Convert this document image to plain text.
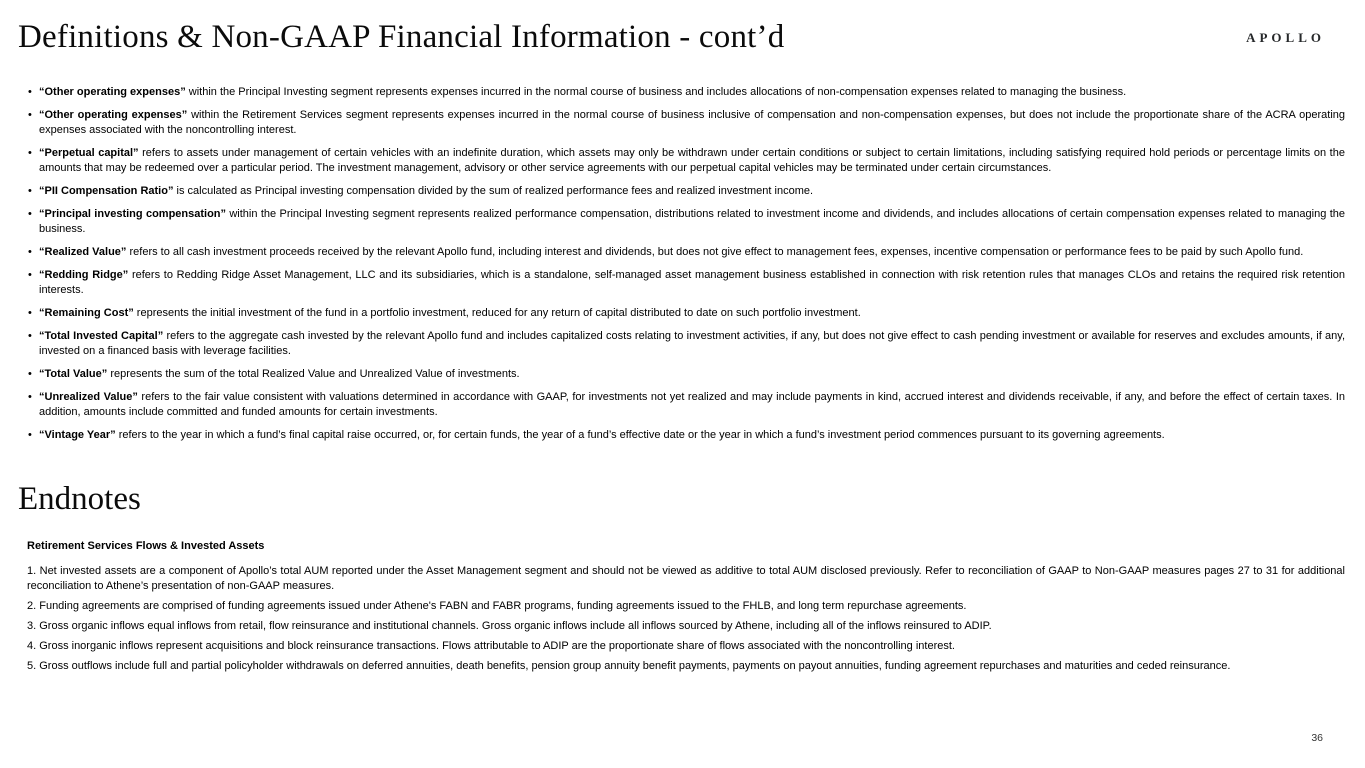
Definitions & Non-GAAP Financial Information - cont’d	APOLLO
• “Other operating expenses” within the Principal Investing segment represents expenses incurred in the normal course of business and includes allocations of non-compensation expenses related to managing the business.
• “Other operating expenses” within the Retirement Services segment represents expenses incurred in the normal course of business inclusive of compensation and non-compensation expenses, but does not include the proportionate share of the ACRA operating expenses associated with the noncontrolling interest.
• “Perpetual capital” refers to assets under management of certain vehicles with an indefinite duration, which assets may only be withdrawn under certain conditions or subject to certain limitations, including satisfying required hold periods or percentage limits on the amounts that may be redeemed over a particular period. The investment management, advisory or other service agreements with our perpetual capital vehicles may be terminated under certain circumstances.
• “PII Compensation Ratio” is calculated as Principal investing compensation divided by the sum of realized performance fees and realized investment income.
• “Principal investing compensation” within the Principal Investing segment represents realized performance compensation, distributions related to investment income and dividends, and includes allocations of certain compensation expenses related to managing the business.
• “Realized Value” refers to all cash investment proceeds received by the relevant Apollo fund, including interest and dividends, but does not give effect to management fees, expenses, incentive compensation or performance fees to be paid by such Apollo fund.
• “Redding Ridge” refers to Redding Ridge Asset Management, LLC and its subsidiaries, which is a standalone, self-managed asset management business established in connection with risk retention rules that manages CLOs and retains the required risk retention interests.
• “Remaining Cost” represents the initial investment of the fund in a portfolio investment, reduced for any return of capital distributed to date on such portfolio investment.
• “Total Invested Capital” refers to the aggregate cash invested by the relevant Apollo fund and includes capitalized costs relating to investment activities, if any, but does not give effect to cash pending investment or available for reserves and excludes amounts, if any, invested on a financed basis with leverage facilities.
• “Total Value” represents the sum of the total Realized Value and Unrealized Value of investments.
• “Unrealized Value” refers to the fair value consistent with valuations determined in accordance with GAAP, for investments not yet realized and may include payments in kind, accrued interest and dividends receivable, if any, and before the effect of certain taxes. In addition, amounts include committed and funded amounts for certain investments.
• “Vintage Year” refers to the year in which a fund’s final capital raise occurred, or, for certain funds, the year of a fund’s effective date or the year in which a fund’s investment period commences pursuant to its governing agreements.
Endnotes
Retirement Services Flows & Invested Assets

1. Net invested assets are a component of Apollo’s total AUM reported under the Asset Management segment and should not be viewed as additive to total AUM disclosed previously. Refer to reconciliation of GAAP to Non-GAAP measures pages 27 to 31 for additional reconciliation to Athene’s presentation of non-GAAP measures.

2. Funding agreements are comprised of funding agreements issued under Athene's FABN and FABR programs, funding agreements issued to the FHLB, and long term repurchase agreements.

3. Gross organic inflows equal inflows from retail, flow reinsurance and institutional channels. Gross organic inflows include all inflows sourced by Athene, including all of the inflows reinsured to ADIP.

4. Gross inorganic inflows represent acquisitions and block reinsurance transactions. Flows attributable to ADIP are the proportionate share of flows associated with the noncontrolling interest.

5. Gross outflows include full and partial policyholder withdrawals on deferred annuities, death benefits, pension group annuity benefit payments, payments on payout annuities, funding agreement repurchases and maturities and ceded reinsurance.

36
